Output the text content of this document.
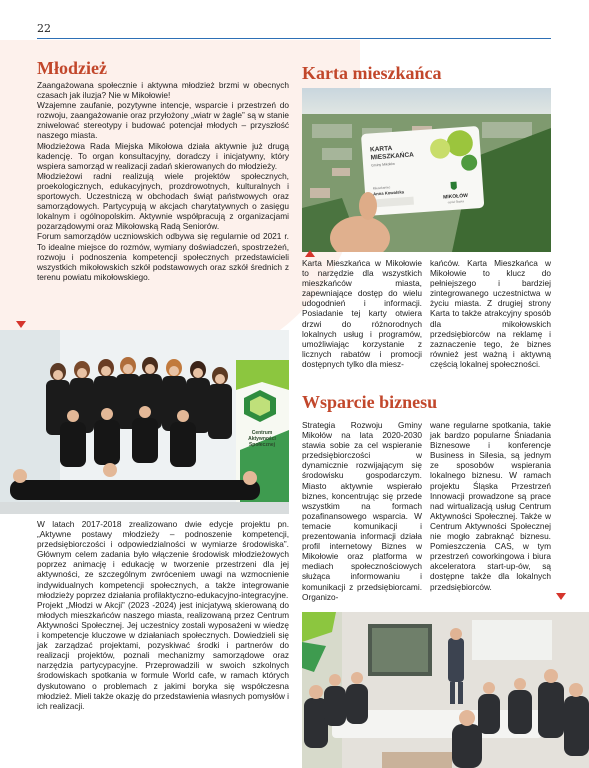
22
Młodzież

Zaangażowana społecznie i aktywna młodzież brzmi w obecnych czasach jak iluzja? Nie w Mikołowie!

Wzajemne zaufanie, pozytywne intencje, wsparcie i przestrzeń do rozwoju, zaangażowanie oraz przyłożony „wiatr w żagle” są w stanie zniwelować stereotypy i budować potencjał młodych – przyszłość naszego miasta.

Młodzieżowa Rada Miejska Mikołowa działa aktywnie już drugą kadencję. To organ konsultacyjny, doradczy i inicjatywny, który wspiera samorząd w realizacji zadań skierowanych do młodzieży.

Młodzieżowi radni realizują wiele projektów społecznych, proekologicznych, edukacyjnych, prozdrowotnych, kulturalnych i sportowych. Uczestniczą w obchodach świąt państwowych oraz samorządowych. Partycypują w akcjach charytatywnych o zasięgu lokalnym i ogólnopolskim. Aktywnie współpracują z organizacjami pozarządowymi oraz Mikołowską Radą Seniorów.

Forum samorządów uczniowskich odbywa się regularnie od 2021 r. To idealne miejsce do rozmów, wymiany doświadczeń, spostrzeżeń, rozwoju i podnoszenia kompetencji społecznych przedstawicieli wszystkich mikołowskich szkół podstawowych oraz szkół średnich z terenu powiatu mikołowskiego.

Centrum
Aktywności
Społecznej

W latach 2017-2018 zrealizowano dwie edycje projektu pn. „Aktywne postawy młodzieży – podnoszenie kompetencji, przedsiębiorczości i odpowiedzialności w wymiarze środowiska”. Głównym celem zadania było włączenie środowisk młodzieżowych poprzez animację i edukację w tworzenie przestrzeni dla jej aktywności, ze szczególnym zwróceniem uwagi na wzmocnienie indywidualnych kompetencji społecznych, a także integrowanie młodzieży poprzez działania profilaktyczno-edukacyjno-integracyjne.

Projekt „Młodzi w Akcji” (2023 -2024) jest inicjatywą skierowaną do młodych mieszkańców naszego miasta, realizowaną przez Centrum Aktywności Społecznej. Jej uczestnicy zostali wyposażeni w wiedzę i kompetencje kluczowe w działaniach społecznych. Dowiedzieli się jak zarządzać projektami, pozyskiwać środki i partnerów do realizacji projektów, poznali mechanizmy samorządowe oraz narzędzia partycypacyjne. Przeprowadzili w swoich szkolnych środowiskach spotkania w formule World cafe, w ramach których dyskutowano o problemach z jakimi boryka się współczesna młodzież. Mieli także okazję do przedstawienia własnych pomysłów i ich realizacji.

Karta mieszkańca
KARTA
MIESZKAŃCA
Gminy Mikołów
Mieszkaniec
Anna Kowalska	MIKOŁÓW
ogród Śląska
Karta Mieszkańca w Mikołowie to narzędzie dla wszystkich mieszkańców miasta, zapewniające dostęp do wielu udogodnień i informacji. Posiadanie tej karty otwiera drzwi do różnorodnych lokalnych usług i programów, umożliwiając korzystanie z licznych rabatów i promocji dostępnych tylko dla miesz-
kańców. Karta Mieszkańca w Mikołowie to klucz do pełniejszego i bardziej zintegrowanego uczestnictwa w życiu miasta. Z drugiej strony Karta to także atrakcyjny sposób dla mikołowskich przedsiębiorców na reklamę i zaznaczenie tego, że biznes również jest ważną i aktywną częścią lokalnej społeczności.
Wsparcie biznesu
Strategia Rozwoju Gminy Mikołów na lata 2020-2030 stawia sobie za cel wspieranie przedsiębiorczości w dynamicznie rozwijającym się środowisku gospodarczym. Miasto aktywnie wspierało biznes, koncentrując się przede wszystkim na formach pozafinansowego wsparcia. W temacie komunikacji i prezentowania informacji działa profil internetowy Biznes w Mikołowie oraz platforma w mediach społecznościowych służąca informowaniu i komunikacji z przedsiębiorcami. Organizo-
wane regularne spotkania, takie jak bardzo popularne Śniadania Biznesowe i konferencje Business in Silesia, są jednym ze sposobów wspierania lokalnego biznesu. W ramach projektu Śląska Przestrzeń Innowacji prowadzone są prace nad wirtualizacją usług Centrum Aktywności Społecznej. Także w Centrum Aktywności Społecznej nie mogło zabraknąć biznesu. Pomieszczenia CAS, w tym przestrzeń coworkingowa i biura akceleratora start-up-ów, są dostępne także dla lokalnych przedsiębiorców.
